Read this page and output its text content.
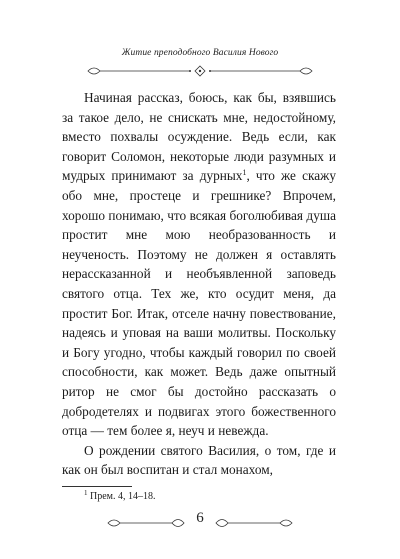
Житие преподобного Василия Нового

Начиная рассказ, боюсь, как бы, взявшись за такое дело, не снискать мне, недостойному, вместо похвалы осуждение. Ведь если, как говорит Соломон, некоторые люди разумных и мудрых принимают за дурных$^1$, что же скажу обо мне, простеце и грешнике? Впрочем, хорошо понимаю, что всякая боголюбивая душа простит мне мою необразованность и неученость. Поэтому не должен я оставлять нерассказанной и необъявленной заповедь святого отца. Тех же, кто осудит меня, да простит Бог. Итак, отселе начну повествование, надеясь и уповая на ваши молитвы. Поскольку и Богу угодно, чтобы каждый говорил по своей способности, как может. Ведь даже опытный ритор не смог бы достойно рассказать о добродетелях и подвигах этого божественного отца — тем более я, неуч и невежда.

О рождении святого Василия, о том, где и как он был воспитан и стал монахом,

$^1$ Прем. 4, 14–18.
6
